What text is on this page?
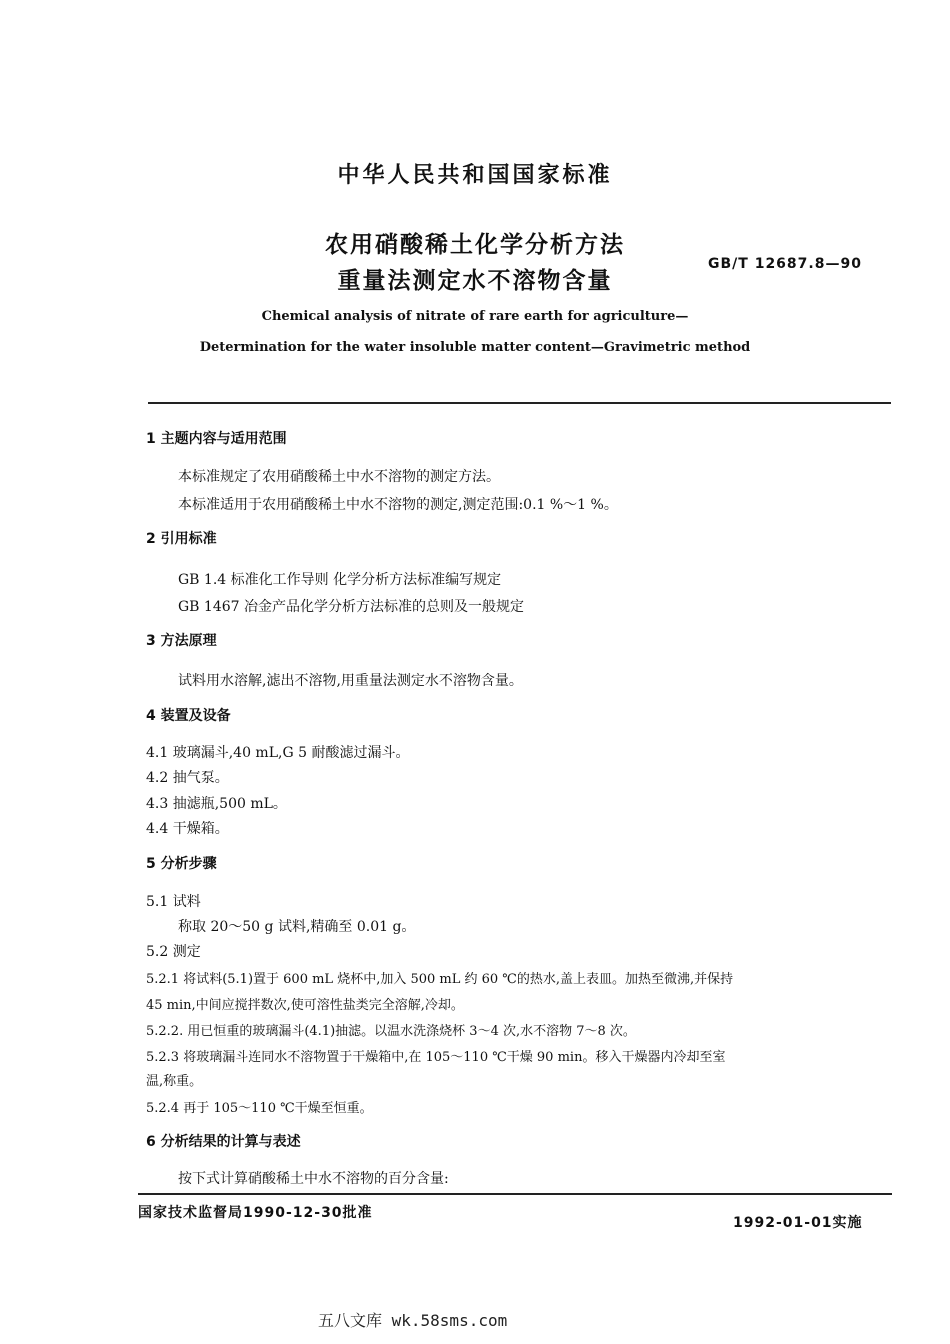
中华人民共和国国家标准
农用硝酸稀土化学分析方法
重量法测定水不溶物含量
GB/T 12687.8—90
Chemical analysis of nitrate of rare earth for agriculture—
Determination for the water insoluble matter content—Gravimetric method
1 主题内容与适用范围
本标准规定了农用硝酸稀土中水不溶物的测定方法。
本标准适用于农用硝酸稀土中水不溶物的测定,测定范围:0.1 %～1 %。
2 引用标准
GB 1.4 标准化工作导则 化学分析方法标准编写规定
GB 1467 冶金产品化学分析方法标准的总则及一般规定
3 方法原理
试料用水溶解,滤出不溶物,用重量法测定水不溶物含量。
4 装置及设备
4.1 玻璃漏斗,40 mL,G 5 耐酸滤过漏斗。
4.2 抽气泵。
4.3 抽滤瓶,500 mL。
4.4 干燥箱。
5 分析步骤
5.1 试料
称取 20～50 g 试料,精确至 0.01 g。
5.2 测定
5.2.1 将试料(5.1)置于 600 mL 烧杯中,加入 500 mL 约 60 ℃的热水,盖上表皿。加热至微沸,并保持
45 min,中间应搅拌数次,使可溶性盐类完全溶解,冷却。
5.2.2. 用已恒重的玻璃漏斗(4.1)抽滤。以温水洗涤烧杯 3～4 次,水不溶物 7～8 次。
5.2.3 将玻璃漏斗连同水不溶物置于干燥箱中,在 105～110 ℃干燥 90 min。移入干燥器内冷却至室
温,称重。
5.2.4 再于 105～110 ℃干燥至恒重。
6 分析结果的计算与表述
按下式计算硝酸稀土中水不溶物的百分含量:
国家技术监督局1990-12-30批准
1992-01-01实施
五八文库 wk.58sms.com
